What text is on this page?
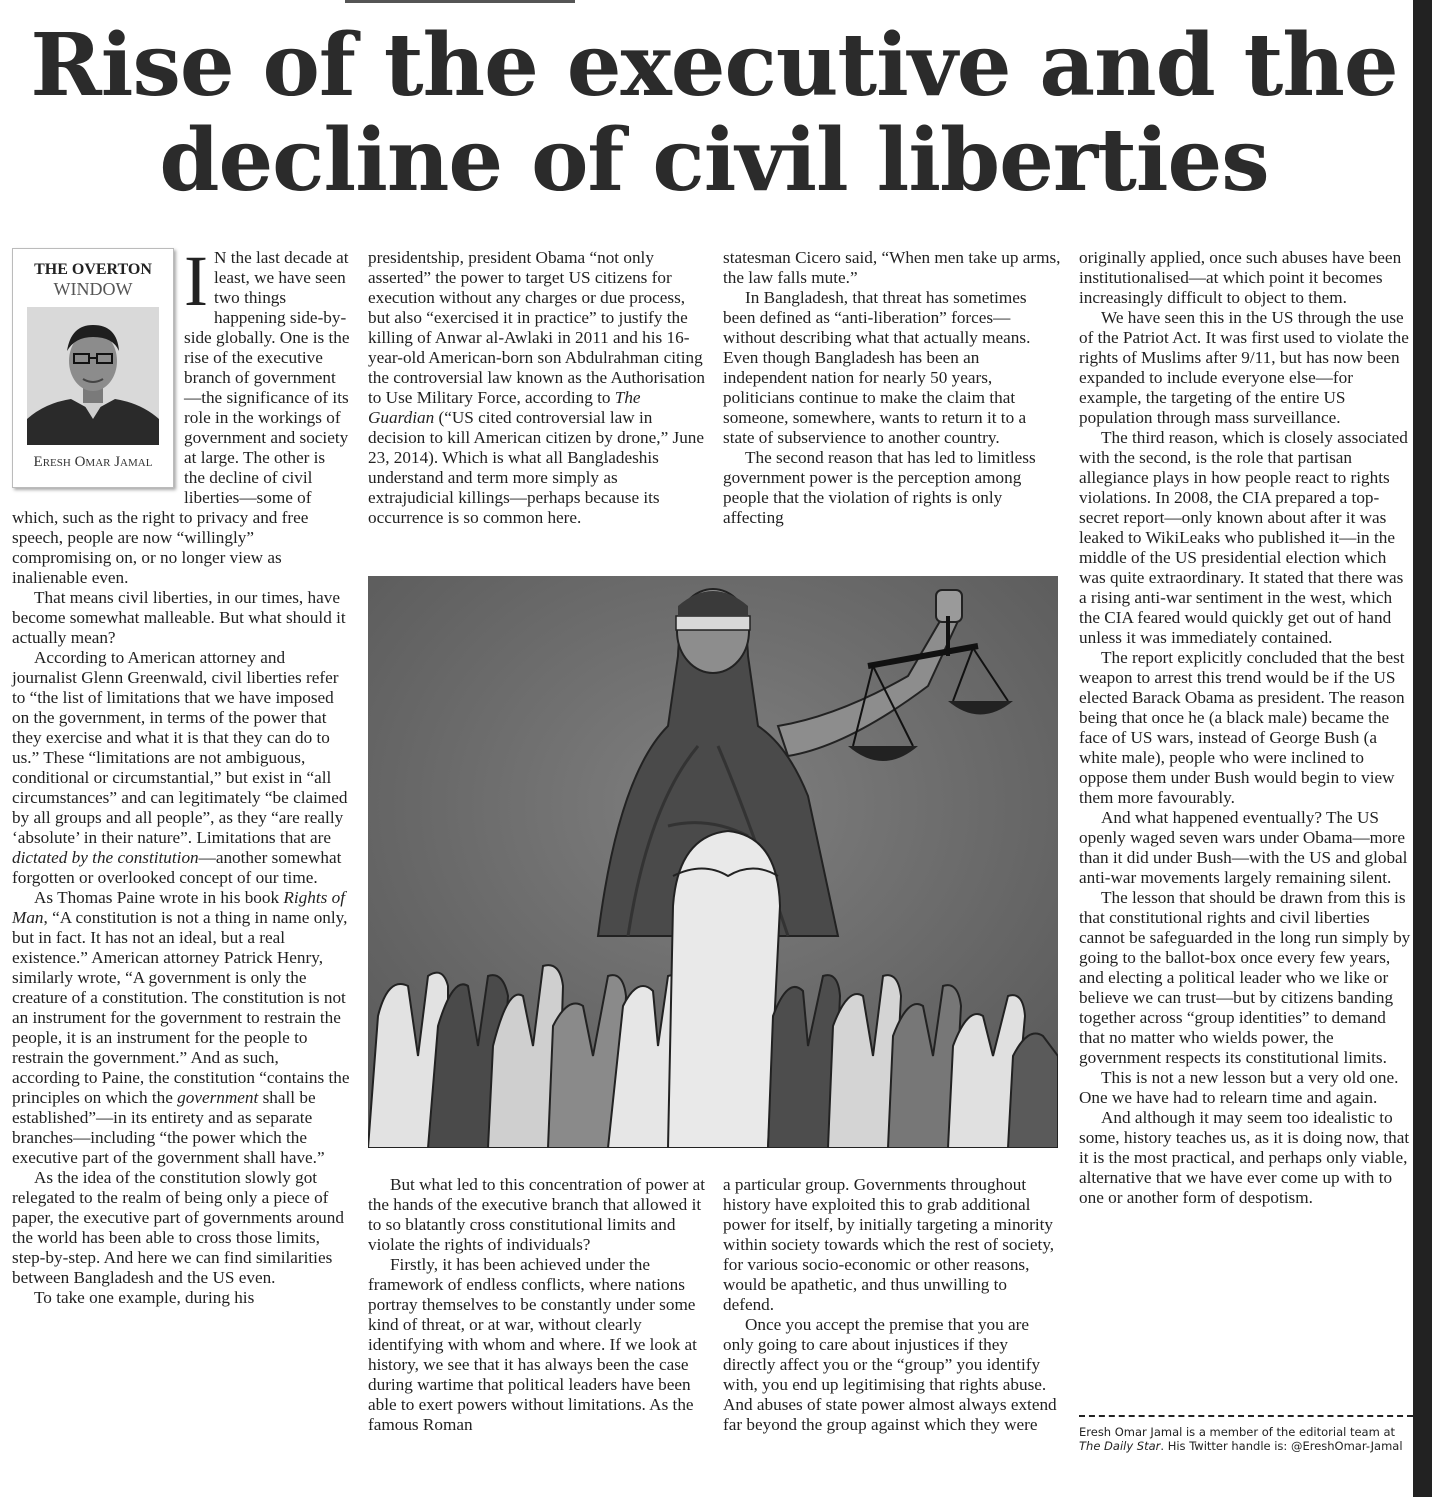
Rise of the executive and the
decline of civil liberties
THE OVERTON
WINDOW
Eresh Omar Jamal
I N the last decade at least, we have seen two things happening side-by-side globally. One is the rise of the executive branch of government—the significance of its role in the workings of government and society at large. The other is the decline of civil liberties—some of which, such as the right to privacy and free speech, people are now “willingly” compromising on, or no longer view as inalienable even.

That means civil liberties, in our times, have become somewhat malleable. But what should it actually mean?

According to American attorney and journalist Glenn Greenwald, civil liberties refer to “the list of limitations that we have imposed on the government, in terms of the power that they exercise and what it is that they can do to us.” These “limitations are not ambiguous, conditional or circumstantial,” but exist in “all circumstances” and can legitimately “be claimed by all groups and all people”, as they “are really ‘absolute’ in their nature”. Limitations that are dictated by the constitution—another somewhat forgotten or overlooked concept of our time.

As Thomas Paine wrote in his book Rights of Man, “A constitution is not a thing in name only, but in fact. It has not an ideal, but a real existence.” American attorney Patrick Henry, similarly wrote, “A government is only the creature of a constitution. The constitution is not an instrument for the government to restrain the people, it is an instrument for the people to restrain the government.” And as such, according to Paine, the constitution “contains the principles on which the government shall be established”—in its entirety and as separate branches—including “the power which the executive part of the government shall have.”

As the idea of the constitution slowly got relegated to the realm of being only a piece of paper, the executive part of governments around the world has been able to cross those limits, step-by-step. And here we can find similarities between Bangladesh and the US even.

To take one example, during his

presidentship, president Obama “not only asserted” the power to target US citizens for execution without any charges or due process, but also “exercised it in practice” to justify the killing of Anwar al-Awlaki in 2011 and his 16-year-old American-born son Abdulrahman citing the controversial law known as the Authorisation to Use Military Force, according to The Guardian (“US cited controversial law in decision to kill American citizen by drone,” June 23, 2014). Which is what all Bangladeshis understand and term more simply as extrajudicial killings—perhaps because its occurrence is so common here.

statesman Cicero said, “When men take up arms, the law falls mute.”

In Bangladesh, that threat has sometimes been defined as “anti-liberation” forces—without describing what that actually means. Even though Bangladesh has been an independent nation for nearly 50 years, politicians continue to make the claim that someone, somewhere, wants to return it to a state of subservience to another country.

The second reason that has led to limitless government power is the perception among people that the violation of rights is only affecting

But what led to this concentration of power at the hands of the executive branch that allowed it to so blatantly cross constitutional limits and violate the rights of individuals?

Firstly, it has been achieved under the framework of endless conflicts, where nations portray themselves to be constantly under some kind of threat, or at war, without clearly identifying with whom and where. If we look at history, we see that it has always been the case during wartime that political leaders have been able to exert powers without limitations. As the famous Roman

a particular group. Governments throughout history have exploited this to grab additional power for itself, by initially targeting a minority within society towards which the rest of society, for various socio-economic or other reasons, would be apathetic, and thus unwilling to defend.

Once you accept the premise that you are only going to care about injustices if they directly affect you or the “group” you identify with, you end up legitimising that rights abuse. And abuses of state power almost always extend far beyond the group against which they were

originally applied, once such abuses have been institutionalised—at which point it becomes increasingly difficult to object to them.

We have seen this in the US through the use of the Patriot Act. It was first used to violate the rights of Muslims after 9/11, but has now been expanded to include everyone else—for example, the targeting of the entire US population through mass surveillance.

The third reason, which is closely associated with the second, is the role that partisan allegiance plays in how people react to rights violations. In 2008, the CIA prepared a top-secret report—only known about after it was leaked to WikiLeaks who published it—in the middle of the US presidential election which was quite extraordinary. It stated that there was a rising anti-war sentiment in the west, which the CIA feared would quickly get out of hand unless it was immediately contained.

The report explicitly concluded that the best weapon to arrest this trend would be if the US elected Barack Obama as president. The reason being that once he (a black male) became the face of US wars, instead of George Bush (a white male), people who were inclined to oppose them under Bush would begin to view them more favourably.

And what happened eventually? The US openly waged seven wars under Obama—more than it did under Bush—with the US and global anti-war movements largely remaining silent.

The lesson that should be drawn from this is that constitutional rights and civil liberties cannot be safeguarded in the long run simply by going to the ballot-box once every few years, and electing a political leader who we like or believe we can trust—but by citizens banding together across “group identities” to demand that no matter who wields power, the government respects its constitutional limits.

This is not a new lesson but a very old one. One we have had to relearn time and again.

And although it may seem too idealistic to some, history teaches us, as it is doing now, that it is the most practical, and perhaps only viable, alternative that we have ever come up with to one or another form of despotism.

Eresh Omar Jamal is a member of the editorial team at The Daily Star. His Twitter handle is: @EreshOmar-Jamal
